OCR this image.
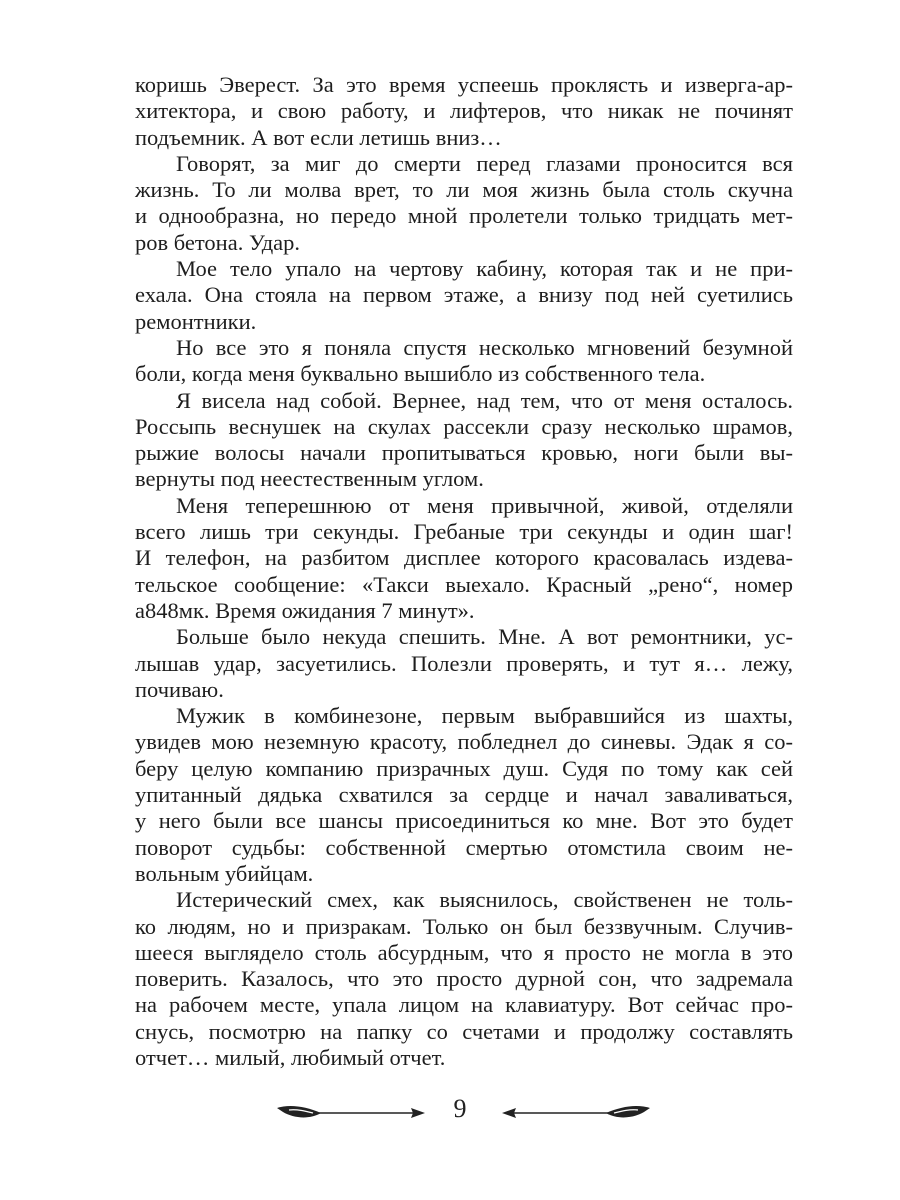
коришь Эверест. За это время успеешь проклясть и изверга-ар-
хитектора, и свою работу, и лифтеров, что никак не починят
подъемник. А вот если летишь вниз…
Говорят, за миг до смерти перед глазами проносится вся
жизнь. То ли молва врет, то ли моя жизнь была столь скучна
и однообразна, но передо мной пролетели только тридцать мет-
ров бетона. Удар.
Мое тело упало на чертову кабину, которая так и не при-
ехала. Она стояла на первом этаже, а внизу под ней суетились
ремонтники.
Но все это я поняла спустя несколько мгновений безумной
боли, когда меня буквально вышибло из собственного тела.
Я висела над собой. Вернее, над тем, что от меня осталось.
Россыпь веснушек на скулах рассекли сразу несколько шрамов,
рыжие волосы начали пропитываться кровью, ноги были вы-
вернуты под неестественным углом.
Меня теперешнюю от меня привычной, живой, отделяли
всего лишь три секунды. Гребаные три секунды и один шаг!
И телефон, на разбитом дисплее которого красовалась издева-
тельское сообщение: «Такси выехало. Красный „рено“, номер
а848мк. Время ожидания 7 минут».
Больше было некуда спешить. Мне. А вот ремонтники, ус-
лышав удар, засуетились. Полезли проверять, и тут я… лежу,
почиваю.
Мужик в комбинезоне, первым выбравшийся из шахты,
увидев мою неземную красоту, побледнел до синевы. Эдак я со-
беру целую компанию призрачных душ. Судя по тому как сей
упитанный дядька схватился за сердце и начал заваливаться,
у него были все шансы присоединиться ко мне. Вот это будет
поворот судьбы: собственной смертью отомстила своим не-
вольным убийцам.
Истерический смех, как выяснилось, свойственен не толь-
ко людям, но и призракам. Только он был беззвучным. Случив-
шееся выглядело столь абсурдным, что я просто не могла в это
поверить. Казалось, что это просто дурной сон, что задремала
на рабочем месте, упала лицом на клавиатуру. Вот сейчас про-
снусь, посмотрю на папку со счетами и продолжу составлять
отчет… милый, любимый отчет.
9
